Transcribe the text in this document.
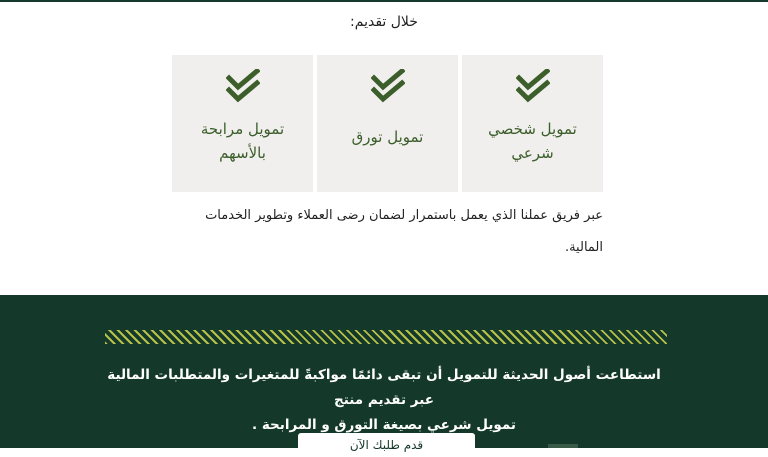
خلال تقديم:
تمويل شخصي شرعي
تمويل تورق
تمويل مرابحة بالأسهم
عبر فريق عملنا الذي يعمل باستمرار لضمان رضى العملاء وتطوير الخدمات المالية.
استطاعت أصول الحديثة للتمويل أن تبقى دائمًا مواكبةً للمتغيرات والمتطلبات المالية عبر تقديم منتج
تمويل شرعي بصيغة التورق و المرابحة .
قدم طلبك الآن
